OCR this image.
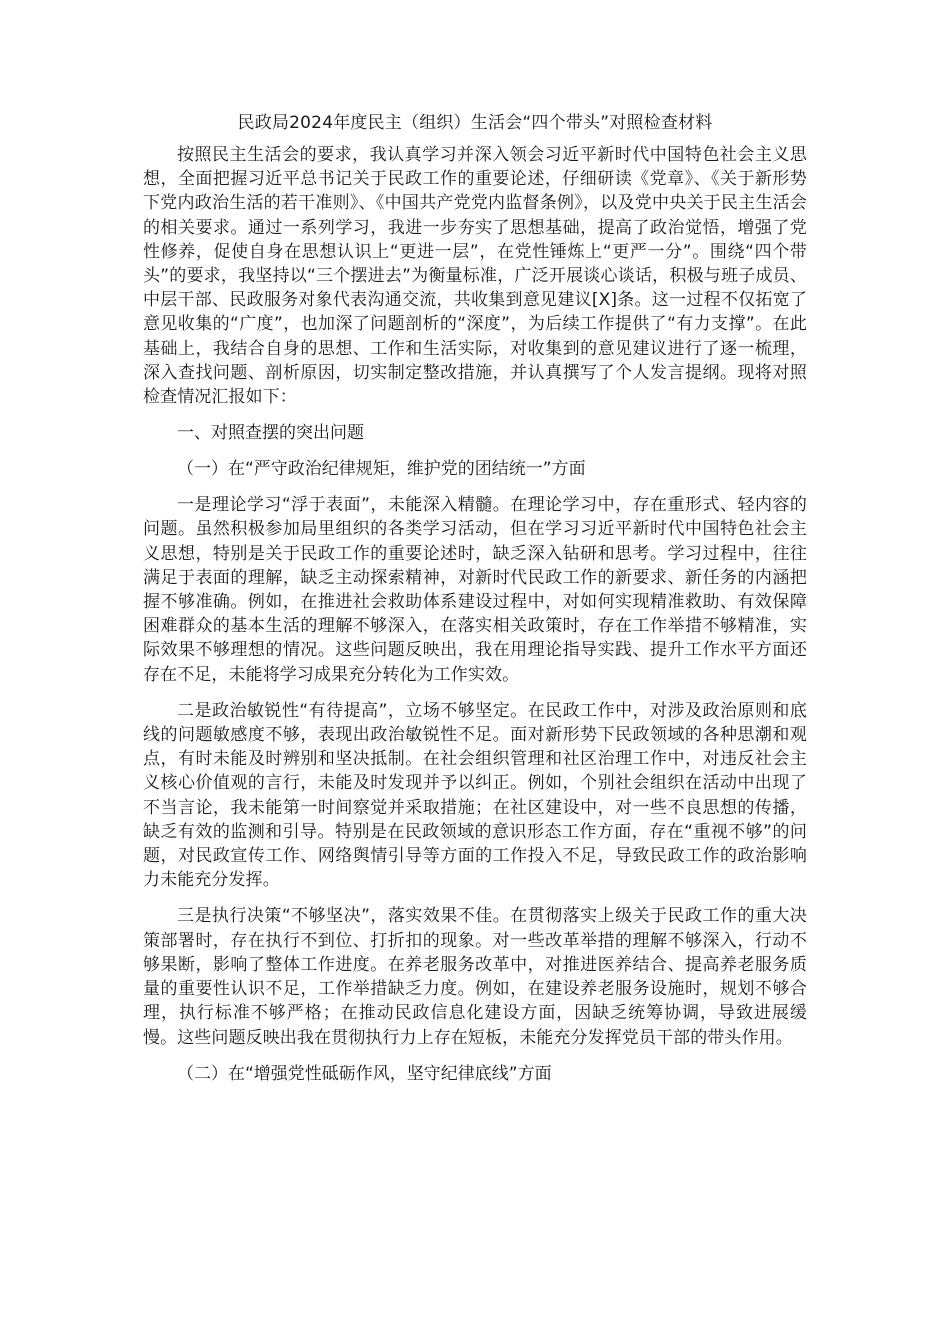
民政局2024年度民主（组织）生活会“四个带头”对照检查材料

按照民主生活会的要求，我认真学习并深入领会习近平新时代中国特色社会主义思想，全面把握习近平总书记关于民政工作的重要论述，仔细研读《党章》、《关于新形势下党内政治生活的若干准则》、《中国共产党党内监督条例》，以及党中央关于民主生活会的相关要求。通过一系列学习，我进一步夯实了思想基础，提高了政治觉悟，增强了党性修养，促使自身在思想认识上“更进一层”，在党性锤炼上“更严一分”。围绕“四个带头”的要求，我坚持以“三个摆进去”为衡量标准，广泛开展谈心谈话，积极与班子成员、中层干部、民政服务对象代表沟通交流，共收集到意见建议[X]条。这一过程不仅拓宽了意见收集的“广度”，也加深了问题剖析的“深度”，为后续工作提供了“有力支撑”。在此基础上，我结合自身的思想、工作和生活实际，对收集到的意见建议进行了逐一梳理，深入查找问题、剖析原因，切实制定整改措施，并认真撰写了个人发言提纲。现将对照检查情况汇报如下：

一、对照查摆的突出问题

（一）在“严守政治纪律规矩，维护党的团结统一”方面

一是理论学习“浮于表面”，未能深入精髓。在理论学习中，存在重形式、轻内容的问题。虽然积极参加局里组织的各类学习活动，但在学习习近平新时代中国特色社会主义思想，特别是关于民政工作的重要论述时，缺乏深入钻研和思考。学习过程中，往往满足于表面的理解，缺乏主动探索精神，对新时代民政工作的新要求、新任务的内涵把握不够准确。例如，在推进社会救助体系建设过程中，对如何实现精准救助、有效保障困难群众的基本生活的理解不够深入，在落实相关政策时，存在工作举措不够精准，实际效果不够理想的情况。这些问题反映出，我在用理论指导实践、提升工作水平方面还存在不足，未能将学习成果充分转化为工作实效。

二是政治敏锐性“有待提高”，立场不够坚定。在民政工作中，对涉及政治原则和底线的问题敏感度不够，表现出政治敏锐性不足。面对新形势下民政领域的各种思潮和观点，有时未能及时辨别和坚决抵制。在社会组织管理和社区治理工作中，对违反社会主义核心价值观的言行，未能及时发现并予以纠正。例如，个别社会组织在活动中出现了不当言论，我未能第一时间察觉并采取措施；在社区建设中，对一些不良思想的传播，缺乏有效的监测和引导。特别是在民政领域的意识形态工作方面，存在“重视不够”的问题，对民政宣传工作、网络舆情引导等方面的工作投入不足，导致民政工作的政治影响力未能充分发挥。

三是执行决策“不够坚决”，落实效果不佳。在贯彻落实上级关于民政工作的重大决策部署时，存在执行不到位、打折扣的现象。对一些改革举措的理解不够深入，行动不够果断，影响了整体工作进度。在养老服务改革中，对推进医养结合、提高养老服务质量的重要性认识不足，工作举措缺乏力度。例如，在建设养老服务设施时，规划不够合理，执行标准不够严格；在推动民政信息化建设方面，因缺乏统筹协调，导致进展缓慢。这些问题反映出我在贯彻执行力上存在短板，未能充分发挥党员干部的带头作用。

（二）在“增强党性砥砺作风，坚守纪律底线”方面
